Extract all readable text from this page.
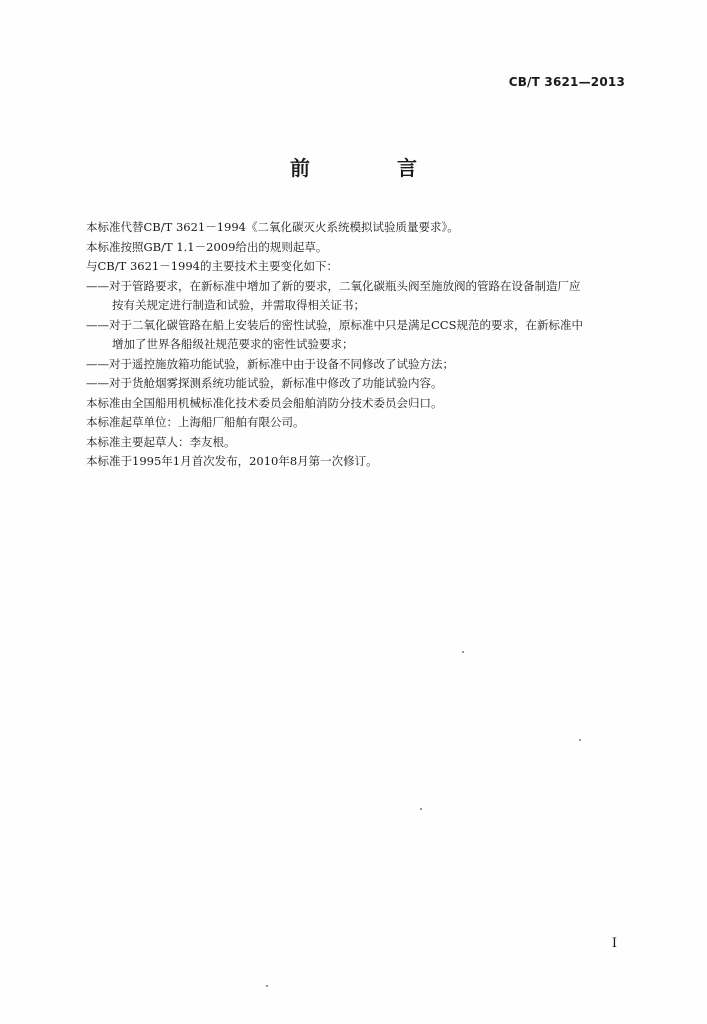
CB/T 3621—2013
前 言
本标准代替CB/T 3621－1994《二氧化碳灭火系统模拟试验质量要求》。
本标准按照GB/T 1.1－2009给出的规则起草。
与CB/T 3621－1994的主要技术主要变化如下：
——对于管路要求，在新标准中增加了新的要求，二氧化碳瓶头阀至施放阀的管路在设备制造厂应
按有关规定进行制造和试验，并需取得相关证书；
——对于二氧化碳管路在船上安装后的密性试验，原标准中只是满足CCS规范的要求，在新标准中
增加了世界各船级社规范要求的密性试验要求；
——对于遥控施放箱功能试验，新标准中由于设备不同修改了试验方法；
——对于货舱烟雾探测系统功能试验，新标准中修改了功能试验内容。
本标准由全国船用机械标准化技术委员会船舶消防分技术委员会归口。
本标准起草单位：上海船厂船舶有限公司。
本标准主要起草人：李友根。
本标准于1995年1月首次发布，2010年8月第一次修订。
I
